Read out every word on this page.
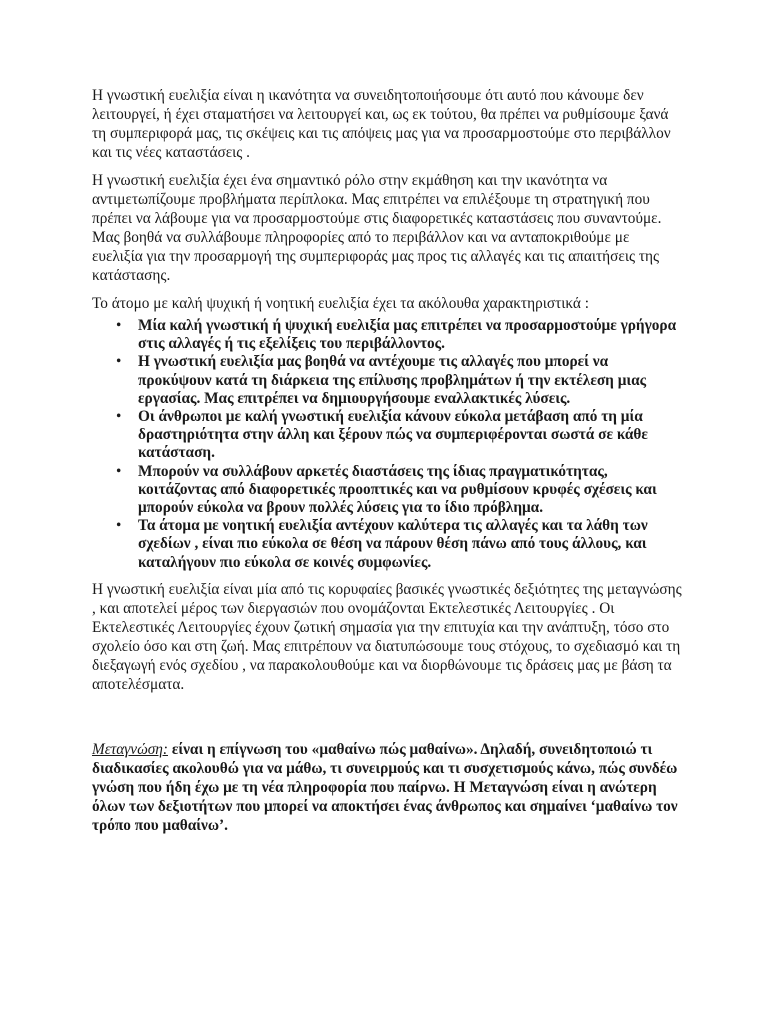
Η γνωστική ευελιξία είναι η ικανότητα να συνειδητοποιήσουμε ότι αυτό που κάνουμε δεν λειτουργεί, ή έχει σταματήσει να λειτουργεί και, ως εκ τούτου, θα πρέπει να ρυθμίσουμε ξανά τη συμπεριφορά μας, τις σκέψεις και τις απόψεις μας για να προσαρμοστούμε στο περιβάλλον και τις νέες καταστάσεις .

Η γνωστική ευελιξία έχει ένα σημαντικό ρόλο στην εκμάθηση και την ικανότητα να αντιμετωπίζουμε προβλήματα περίπλοκα. Μας επιτρέπει να επιλέξουμε τη στρατηγική που πρέπει να λάβουμε για να προσαρμοστούμε στις διαφορετικές καταστάσεις που συναντούμε. Μας βοηθά να συλλάβουμε πληροφορίες από το περιβάλλον και να ανταποκριθούμε με ευελιξία για την προσαρμογή της συμπεριφοράς μας προς τις αλλαγές και τις απαιτήσεις της κατάστασης.

Το άτομο με καλή ψυχική ή νοητική ευελιξία έχει τα ακόλουθα χαρακτηριστικά :

• Μία καλή γνωστική ή ψυχική ευελιξία μας επιτρέπει να προσαρμοστούμε γρήγορα στις αλλαγές ή τις εξελίξεις του περιβάλλοντος.
• Η γνωστική ευελιξία μας βοηθά να αντέχουμε τις αλλαγές που μπορεί να προκύψουν κατά τη διάρκεια της επίλυσης προβλημάτων ή την εκτέλεση μιας εργασίας. Μας επιτρέπει να δημιουργήσουμε εναλλακτικές λύσεις.
• Οι άνθρωποι με καλή γνωστική ευελιξία κάνουν εύκολα μετάβαση από τη μία δραστηριότητα στην άλλη και ξέρουν πώς να συμπεριφέρονται σωστά σε κάθε κατάσταση.
• Μπορούν να συλλάβουν αρκετές διαστάσεις της ίδιας πραγματικότητας, κοιτάζοντας από διαφορετικές προοπτικές και να ρυθμίσουν κρυφές σχέσεις και μπορούν εύκολα να βρουν πολλές λύσεις για το ίδιο πρόβλημα.
• Τα άτομα με νοητική ευελιξία αντέχουν καλύτερα τις αλλαγές και τα λάθη των σχεδίων , είναι πιο εύκολα σε θέση να πάρουν θέση πάνω από τους άλλους, και καταλήγουν πιο εύκολα σε κοινές συμφωνίες.

Η γνωστική ευελιξία είναι μία από τις κορυφαίες βασικές γνωστικές δεξιότητες της μεταγνώσης , και αποτελεί μέρος των διεργασιών που ονομάζονται Εκτελεστικές Λειτουργίες . Οι Εκτελεστικές Λειτουργίες έχουν ζωτική σημασία για την επιτυχία και την ανάπτυξη, τόσο στο σχολείο όσο και στη ζωή. Μας επιτρέπουν να διατυπώσουμε τους στόχους, το σχεδιασμό και τη διεξαγωγή ενός σχεδίου , να παρακολουθούμε και να διορθώνουμε τις δράσεις μας με βάση τα αποτελέσματα.

Μεταγνώση: είναι η επίγνωση του «μαθαίνω πώς μαθαίνω». Δηλαδή, συνειδητοποιώ τι διαδικασίες ακολουθώ για να μάθω, τι συνειρμούς και τι συσχετισμούς κάνω, πώς συνδέω γνώση που ήδη έχω με τη νέα πληροφορία που παίρνω. Η Μεταγνώση είναι η ανώτερη όλων των δεξιοτήτων που μπορεί να αποκτήσει ένας άνθρωπος και σημαίνει ‘μαθαίνω τον τρόπο που μαθαίνω’.
